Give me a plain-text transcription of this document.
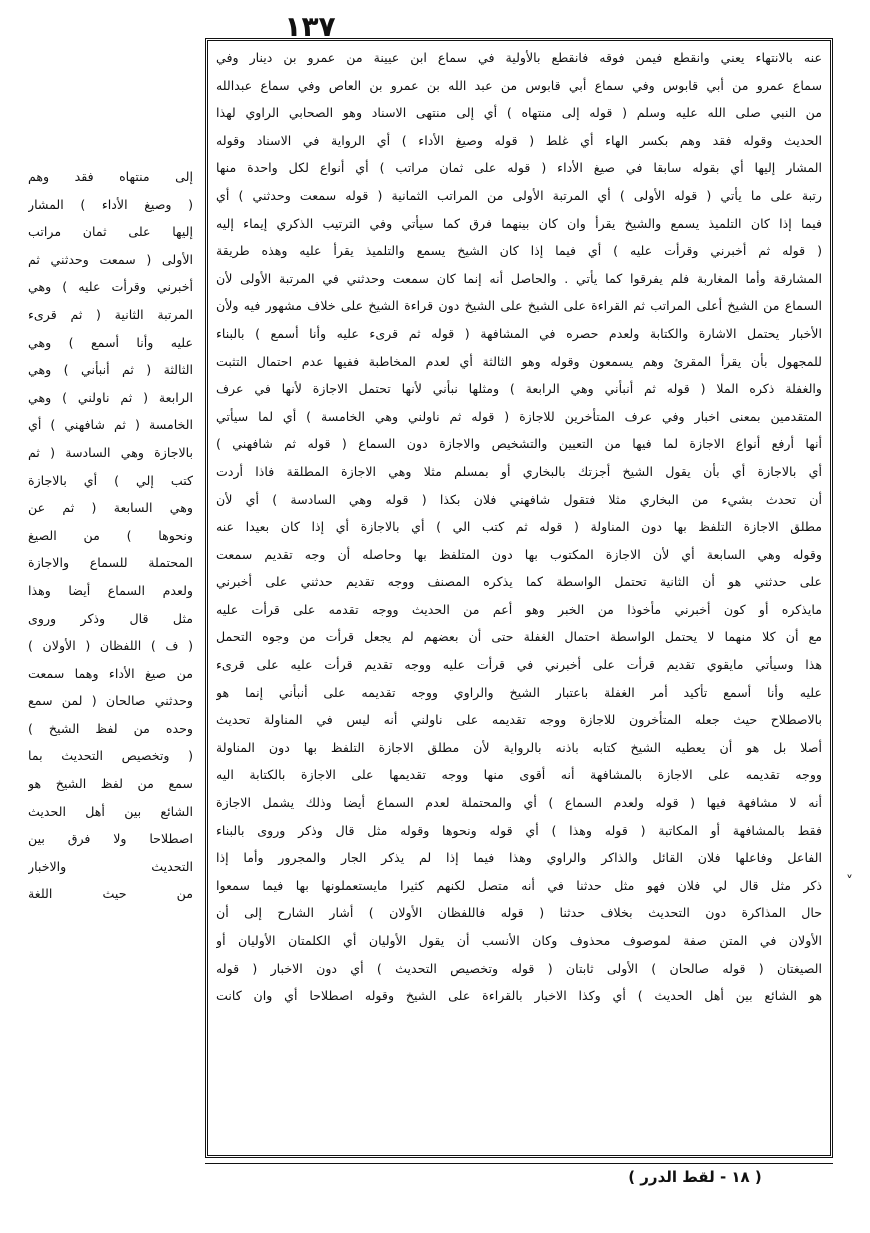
١٣٧
عنه بالانتهاء يعني وانقطع فيمن فوقه فانقطع بالأولية في سماع ابن عيينة من عمرو بن دينار وفي
سماع عمرو من أبي قابوس وفي سماع أبي قابوس من عبد الله بن عمرو بن العاص وفي سماع عبدالله
من النبي صلى الله عليه وسلم ( قوله إلى منتهاه ) أي إلى منتهى الاسناد وهو الصحابي الراوي لهذا
الحديث وقوله فقد وهم بكسر الهاء أي غلط ( قوله وصيغ الأداء ) أي الرواية في الاسناد وقوله
المشار إليها أي بقوله سابقا في صيغ الأداء ( قوله على ثمان مراتب ) أي أنواع لكل واحدة منها
رتبة على ما يأتي ( قوله الأولى ) أي المرتبة الأولى من المراتب الثمانية ( قوله سمعت وحدثني ) أي
فيما إذا كان التلميذ يسمع والشيخ يقرأ وان كان بينهما فرق كما سيأتي وفي الترتيب الذكري إيماء إليه
( قوله ثم أخبرني وقرأت عليه ) أي فيما إذا كان الشيخ يسمع والتلميذ يقرأ عليه وهذه طريقة
المشارقة وأما المغاربة فلم يفرقوا كما يأتي . والحاصل أنه إنما كان سمعت وحدثني في المرتبة الأولى لأن
السماع من الشيخ أعلى المراتب ثم القراءة على الشيخ على الشيخ دون قراءة الشيخ على خلاف مشهور فيه ولأن
الأخبار يحتمل الاشارة والكتابة ولعدم حصره في المشافهة ( قوله ثم قرىء عليه وأنا أسمع ) بالبناء
للمجهول بأن يقرأ المقرئ وهم يسمعون وقوله وهو الثالثة أي لعدم المخاطبة ففيها عدم احتمال التثبت
والغفلة ذكره الملا ( قوله ثم أنبأني وهي الرابعة ) ومثلها نبأني لأنها تحتمل الاجازة لأنها في عرف
المتقدمين بمعنى اخبار وفي عرف المتأخرين للاجازة ( قوله ثم ناولني وهي الخامسة ) أي لما سيأتي
أنها أرفع أنواع الاجازة لما فيها من التعيين والتشخيص والاجازة دون السماع ( قوله ثم شافهني )
أي بالاجازة أي بأن يقول الشيخ أجزتك بالبخاري أو بمسلم مثلا وهي الاجازة المطلقة فاذا أردت
أن تحدث بشيء من البخاري مثلا فتقول شافهني فلان بكذا ( قوله وهي السادسة ) أي لأن
مطلق الاجازة التلفظ بها دون المناولة ( قوله ثم كتب الي ) أي بالاجازة أي إذا كان بعيدا عنه
وقوله وهي السابعة أي لأن الاجازة المكتوب بها دون المتلفظ بها وحاصله أن وجه تقديم سمعت
على حدثني هو أن الثانية تحتمل الواسطة كما يذكره المصنف ووجه تقديم حدثني على أخبرني
مايذكره أو كون أخبرني مأخوذا من الخبر وهو أعم من الحديث ووجه تقدمه على قرأت عليه
مع أن كلا منهما لا يحتمل الواسطة احتمال الغفلة حتى أن بعضهم لم يجعل قرأت من وجوه التحمل
هذا وسيأتي مايقوي تقديم قرأت على أخبرني في قرأت عليه ووجه تقديم قرأت عليه على قرىء
عليه وأنا أسمع تأكيد أمر الغفلة باعتبار الشيخ والراوي ووجه تقديمه على أنبأني إنما هو
بالاصطلاح حيث جعله المتأخرون للاجازة ووجه تقديمه على ناولني أنه ليس في المناولة تحديث
أصلا بل هو أن يعطيه الشيخ كتابه باذنه بالرواية لأن مطلق الاجازة التلفظ بها دون المناولة
ووجه تقديمه على الاجازة بالمشافهة أنه أقوى منها ووجه تقديمها على الاجازة بالكتابة اليه
أنه لا مشافهة فيها ( قوله ولعدم السماع ) أي والمحتملة لعدم السماع أيضا وذلك يشمل الاجازة
فقط بالمشافهة أو المكاتبة ( قوله وهذا ) أي قوله ونحوها وقوله مثل قال وذكر وروى بالبناء
الفاعل وفاعلها فلان القائل والذاكر والراوي وهذا فيما إذا لم يذكر الجار والمجرور وأما إذا
ذكر مثل قال لي فلان فهو مثل حدثنا في أنه متصل لكنهم كثيرا مايستعملونها بها فيما سمعوا
حال المذاكرة دون التحديث بخلاف حدثنا ( قوله فاللفظان الأولان ) أشار الشارح إلى أن
الأولان في المتن صفة لموصوف محذوف وكان الأنسب أن يقول الأوليان أي الكلمتان الأوليان أو
الصيغتان ( قوله صالحان ) الأولى ثابتان ( قوله وتخصيص التحديث ) أي دون الاخبار ( قوله
هو الشائع بين أهل الحديث ) أي وكذا الاخبار بالقراءة على الشيخ وقوله اصطلاحا أي وان كانت
إلى منتهاه فقد وهم
( وصيغ الأداء ) المشار
إليها على ثمان مراتب
الأولى ( سمعت وحدثني ثم
أخبرني وقرأت عليه ) وهي
المرتبة الثانية ( ثم قرىء
عليه وأنا أسمع ) وهي
الثالثة ( ثم أنبأني ) وهي
الرابعة ( ثم ناولني ) وهي
الخامسة ( ثم شافهني ) أي
بالاجازة وهي السادسة ( ثم
كتب إلي ) أي بالاجازة
وهي السابعة ( ثم عن
ونحوها ) من الصيغ
المحتملة للسماع والاجازة
ولعدم السماع أيضا وهذا
مثل قال وذكر وروى
( ف ) اللفظان ( الأولان )
من صيغ الأداء وهما سمعت
وحدثني صالحان ( لمن سمع
وحده من لفظ الشيخ )
( وتخصيص التحديث بما
سمع من لفظ الشيخ هو
الشائع بين أهل الحديث
اصطلاحا ولا فرق بين
التحديث والاخبار
من حيث اللغة
˅
( ١٨ - لقط الدرر )
